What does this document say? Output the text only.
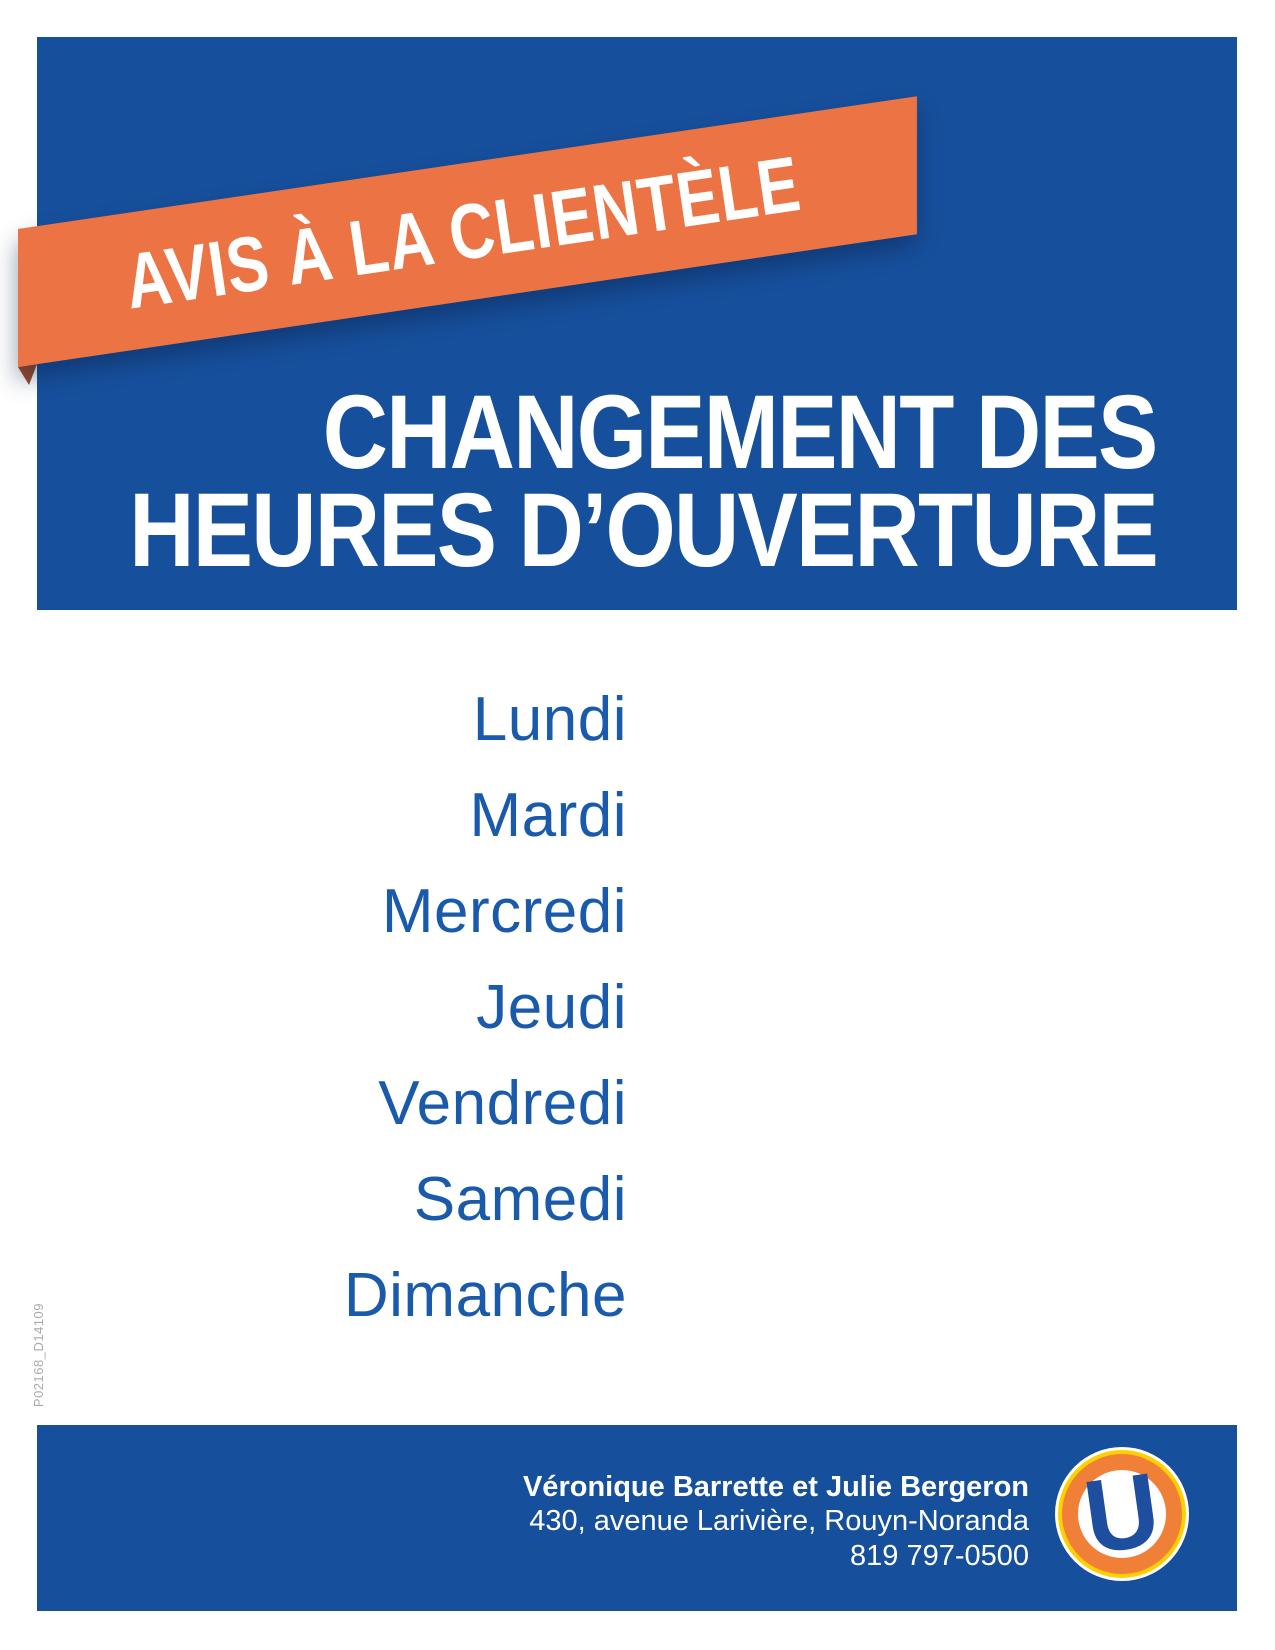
AVIS À LA CLIENTÈLE
CHANGEMENT DES
HEURES D’OUVERTURE
Lundi
Mardi
Mercredi
Jeudi
Vendredi
Samedi
Dimanche
P02168_D14109
Véronique Barrette et Julie Bergeron
430, avenue Larivière, Rouyn-Noranda
819 797-0500 U
